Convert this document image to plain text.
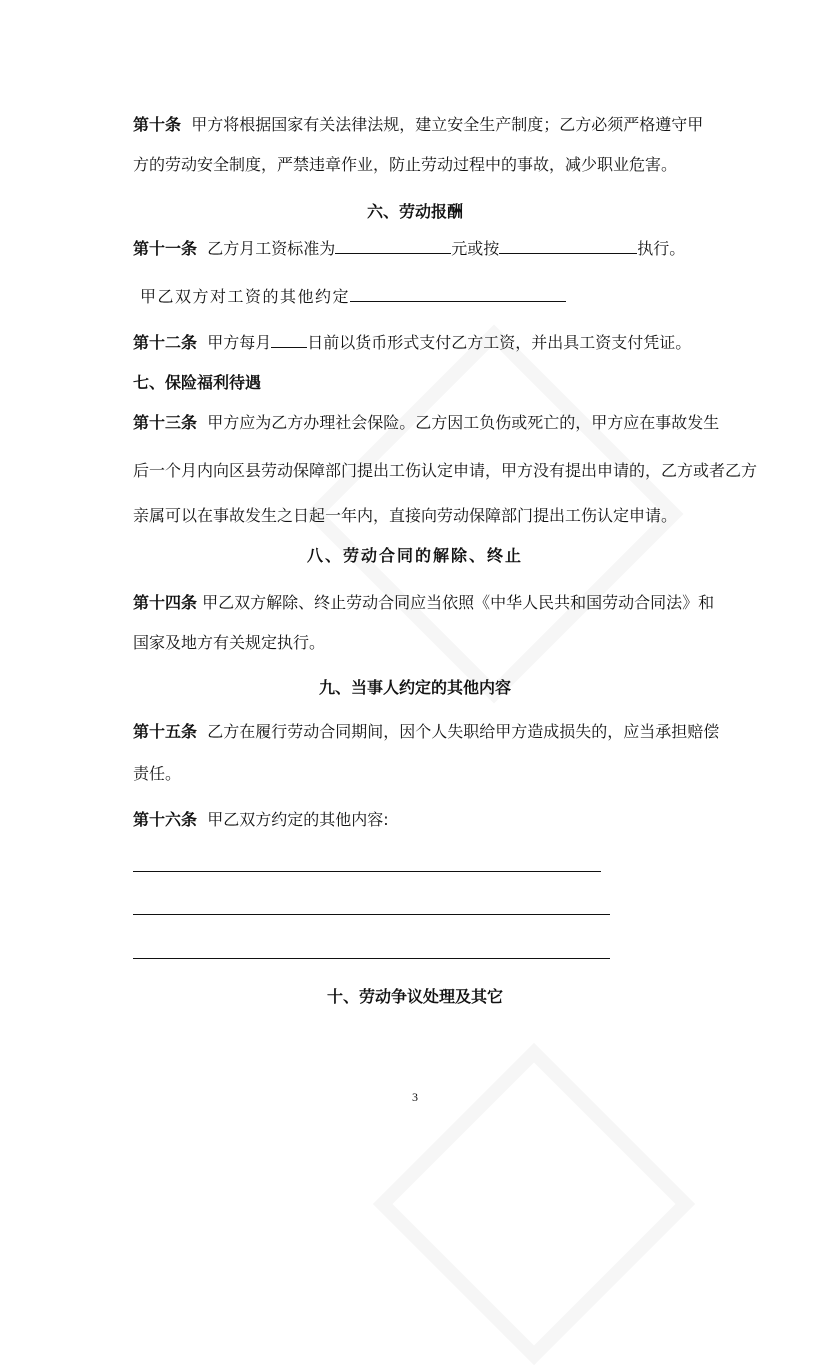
第十条 甲方将根据国家有关法律法规，建立安全生产制度；乙方必须严格遵守甲
方的劳动安全制度，严禁违章作业，防止劳动过程中的事故，减少职业危害。
六、劳动报酬
第十一条 乙方月工资标准为	元或按	执行。
甲乙双方对工资的其他约定
第十二条 甲方每月 日前以货币形式支付乙方工资，并出具工资支付凭证。
七、保险福利待遇
第十三条 甲方应为乙方办理社会保险。乙方因工负伤或死亡的，甲方应在事故发生
后一个月内向区县劳动保障部门提出工伤认定申请，甲方没有提出申请的，乙方或者乙方
亲属可以在事故发生之日起一年内，直接向劳动保障部门提出工伤认定申请。
八、劳动合同的解除、终止
第十四条 甲乙双方解除、终止劳动合同应当依照《中华人民共和国劳动合同法》和
国家及地方有关规定执行。
九、当事人约定的其他内容
第十五条 乙方在履行劳动合同期间，因个人失职给甲方造成损失的，应当承担赔偿
责任。
第十六条 甲乙双方约定的其他内容:
十、劳动争议处理及其它
3
